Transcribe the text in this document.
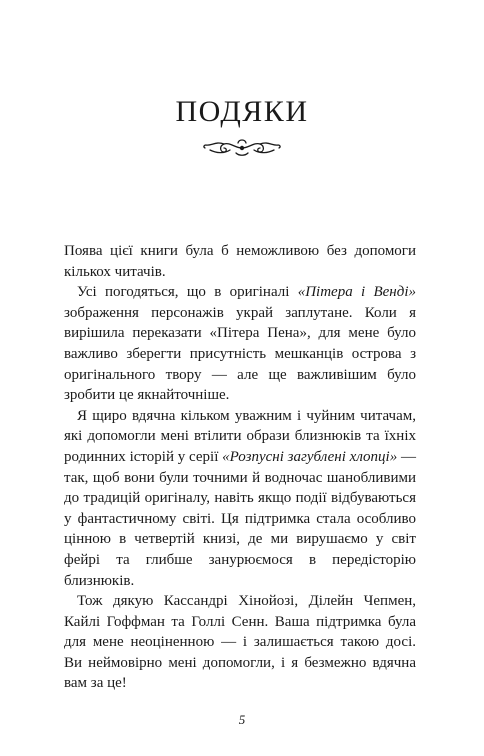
ПОДЯКИ

Поява цієї книги була б неможливою без допомоги кількох читачів.

Усі погодяться, що в оригіналі «Пітера і Венді» зображення персонажів украй заплутане. Коли я вирішила переказати «Пітера Пена», для мене було важливо зберегти присутність мешканців острова з оригінального твору — але ще важливішим було зробити це якнайточніше.

Я щиро вдячна кільком уважним і чуйним читачам, які допомогли мені втілити образи близнюків та їхніх родинних історій у серії «Розпусні загублені хлопці» — так, щоб вони були точними й водночас шанобливими до традицій оригіналу, навіть якщо події відбуваються у фантастичному світі. Ця підтримка стала особливо цінною в четвертій книзі, де ми вирушаємо у світ фейрі та глибше занурюємося в передісторію близнюків.

Тож дякую Кассандрі Хінойозі, Ділейн Чепмен, Кайлі Гоффман та Голлі Сенн. Ваша підтримка була для мене неоціненною — і залишається такою досі. Ви неймовірно мені допомогли, і я безмежно вдячна вам за це!

5
